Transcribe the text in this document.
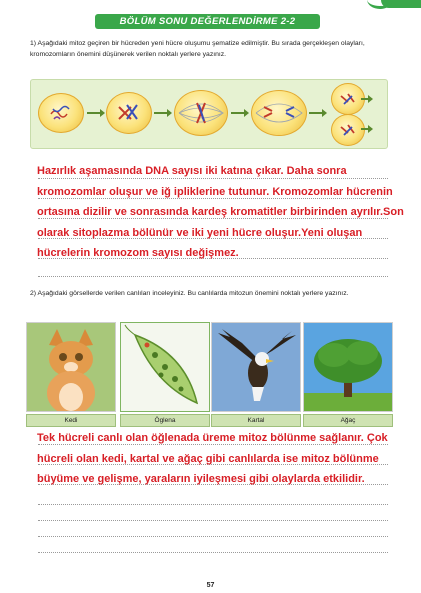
BÖLÜM SONU DEĞERLENDİRME 2-2
1) Aşağıdaki mitoz geçiren bir hücreden yeni hücre oluşumu şematize edilmiştir. Bu sırada gerçekleşen olayları, kromozomların önemini düşünerek verilen noktalı yerlere yazınız.
Hazırlık aşamasında DNA sayısı iki katına çıkar. Daha sonra kromozomlar oluşur ve iğ ipliklerine tutunur. Kromozomlar hücrenin ortasına dizilir ve sonrasında kardeş kromatitler birbirinden ayrılır.Son olarak sitoplazma bölünür ve iki yeni hücre oluşur.Yeni oluşan hücrelerin kromozom sayısı değişmez.
2) Aşağıdaki görsellerde verilen canlıları inceleyiniz. Bu canlılarda mitozun önemini noktalı yerlere yazınız.
Kedi	Öglena	Kartal	Ağaç
Tek hücreli canlı olan öğlenada üreme mitoz bölünme sağlanır. Çok hücreli olan kedi, kartal ve ağaç gibi canlılarda ise mitoz bölünme büyüme ve gelişme, yaraların iyileşmesi gibi olaylarda etkilidir.
57
